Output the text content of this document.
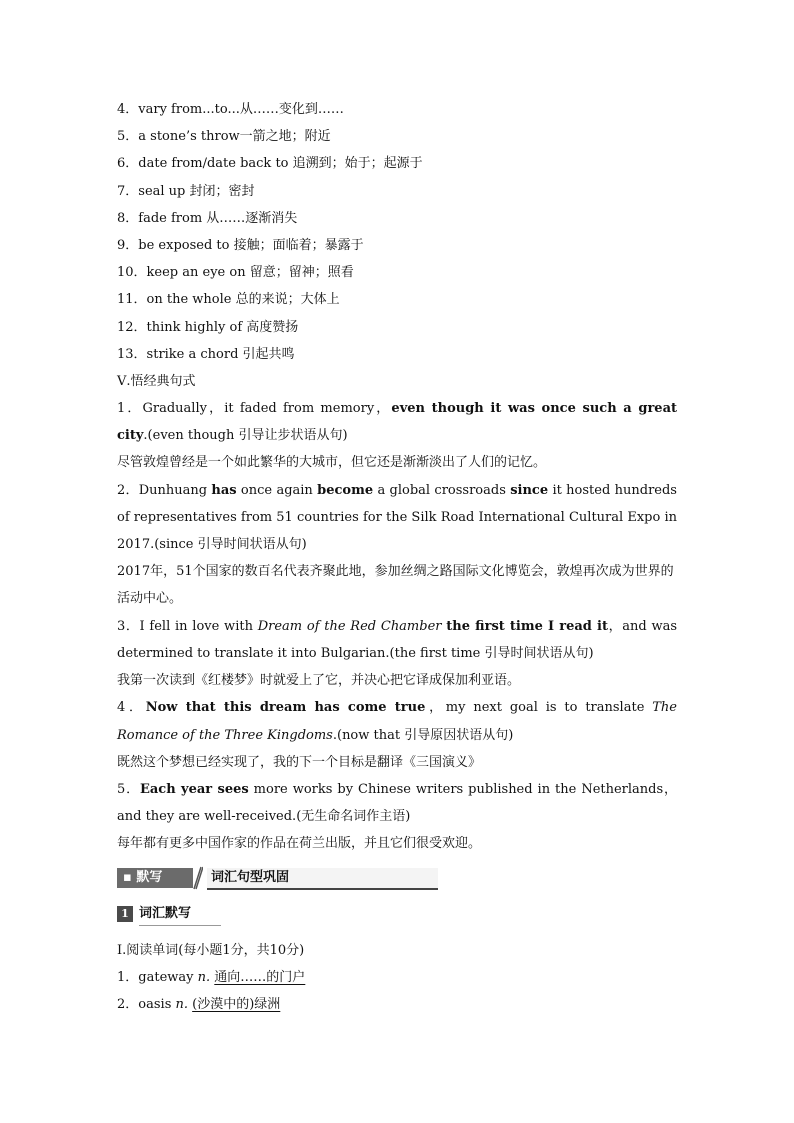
4．vary from...to...从……变化到……
5．a stone’s throw一箭之地；附近
6．date from/date back to 追溯到；始于；起源于
7．seal up 封闭；密封
8．fade from 从……逐渐消失
9．be exposed to 接触；面临着；暴露于
10．keep an eye on 留意；留神；照看
11．on the whole 总的来说；大体上
12．think highly of 高度赞扬
13．strike a chord 引起共鸣
Ⅴ.悟经典句式
1．Gradually，it faded from memory，even though it was once such a great city.(even though 引导让步状语从句)
尽管敦煌曾经是一个如此繁华的大城市，但它还是渐渐淡出了人们的记忆。
2．Dunhuang has once again become a global crossroads since it hosted hundreds of representatives from 51 countries for the Silk Road International Cultural Expo in 2017.(since 引导时间状语从句)
2017年，51个国家的数百名代表齐聚此地，参加丝绸之路国际文化博览会，敦煌再次成为世界的活动中心。
3．I fell in love with Dream of the Red Chamber the first time I read it，and was determined to translate it into Bulgarian.(the first time 引导时间状语从句)
我第一次读到《红楼梦》时就爱上了它，并决心把它译成保加利亚语。
4．Now that this dream has come true，my next goal is to translate The Romance of the Three Kingdoms.(now that 引导原因状语从句)
既然这个梦想已经实现了，我的下一个目标是翻译《三国演义》
5．Each year sees more works by Chinese writers published in the Netherlands，and they are well-received.(无生命名词作主语)
每年都有更多中国作家的作品在荷兰出版，并且它们很受欢迎。
▪ 默写	词汇句型巩固
1 词汇默写
Ⅰ.阅读单词(每小题1分，共10分)
1．gateway n. 通向……的门户
2．oasis n. (沙漠中的)绿洲
